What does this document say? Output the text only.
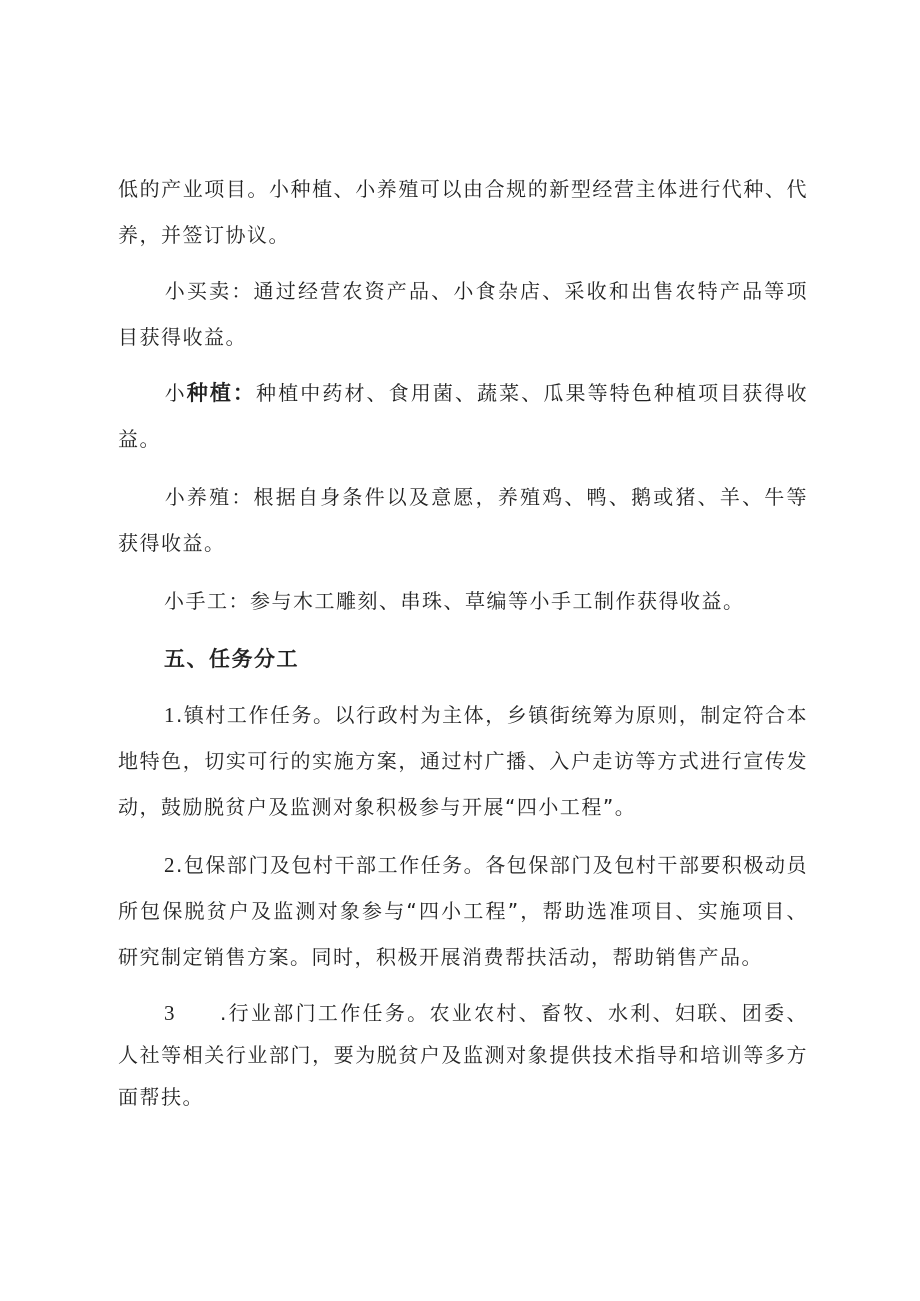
低的产业项目。小种植、小养殖可以由合规的新型经营主体进行代种、代养，并签订协议。

小买卖：通过经营农资产品、小食杂店、采收和出售农特产品等项目获得收益。

小种植：种植中药材、食用菌、蔬菜、瓜果等特色种植项目获得收益。

小养殖：根据自身条件以及意愿，养殖鸡、鸭、鹅或猪、羊、牛等获得收益。

小手工：参与木工雕刻、串珠、草编等小手工制作获得收益。

五、任务分工

1.镇村工作任务。以行政村为主体，乡镇街统筹为原则，制定符合本地特色，切实可行的实施方案，通过村广播、入户走访等方式进行宣传发动，鼓励脱贫户及监测对象积极参与开展“四小工程”。

2.包保部门及包村干部工作任务。各包保部门及包村干部要积极动员所包保脱贫户及监测对象参与“四小工程”，帮助选准项目、实施项目、研究制定销售方案。同时，积极开展消费帮扶活动，帮助销售产品。

3 .行业部门工作任务。农业农村、畜牧、水利、妇联、团委、人社等相关行业部门，要为脱贫户及监测对象提供技术指导和培训等多方面帮扶。
